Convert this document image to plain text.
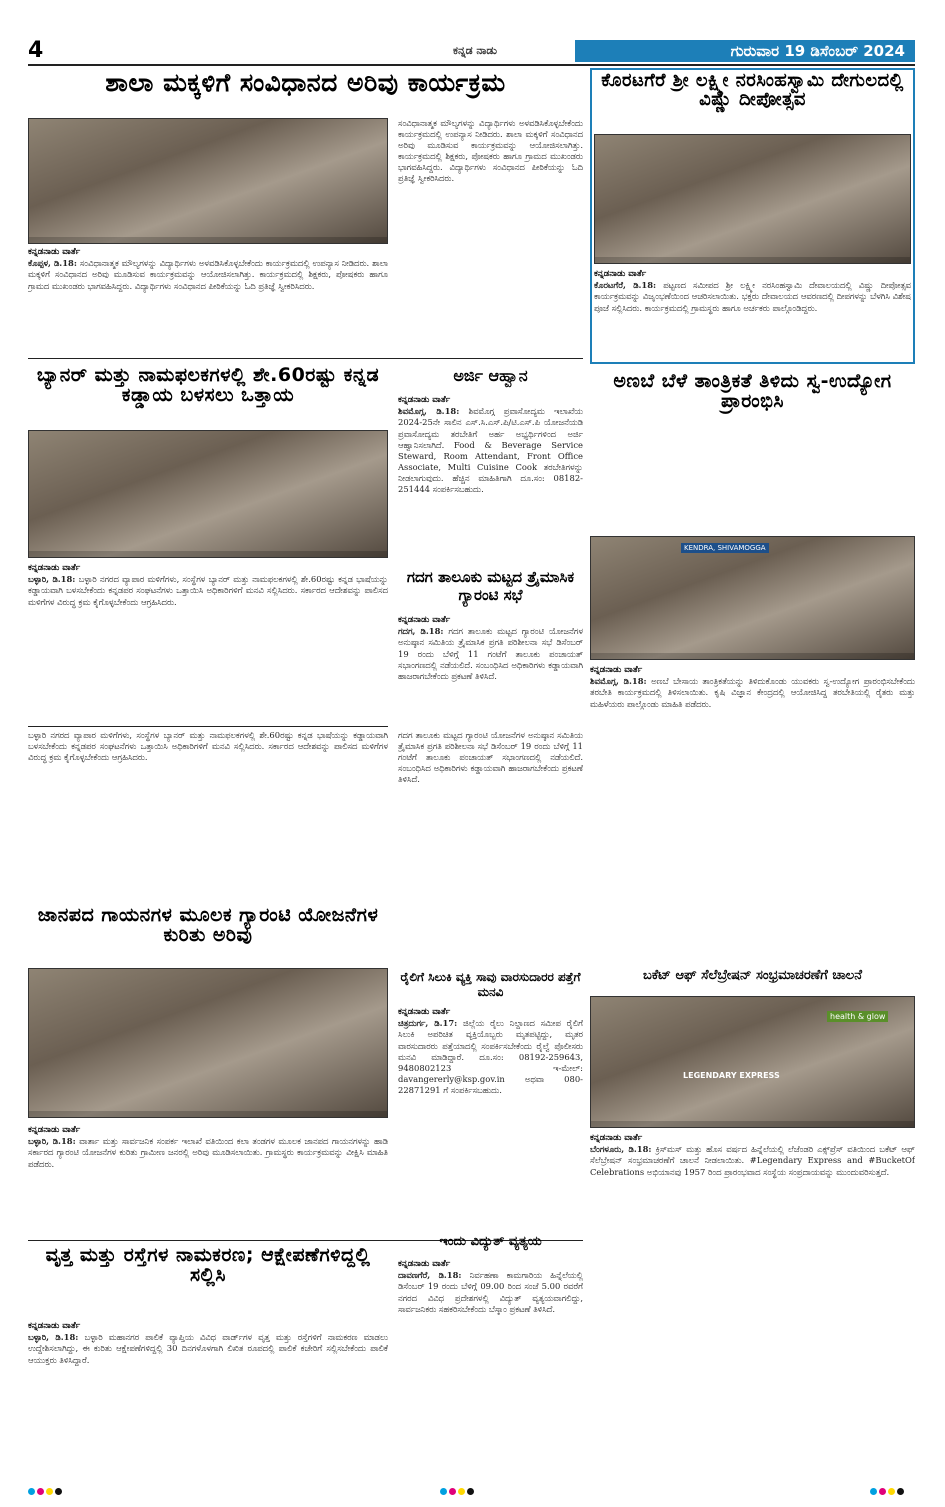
4	ಕನ್ನಡ ನಾಡು	ಗುರುವಾರ 19 ಡಿಸೆಂಬರ್ 2024
ಶಾಲಾ ಮಕ್ಕಳಿಗೆ ಸಂವಿಧಾನದ ಅರಿವು ಕಾರ್ಯಕ್ರಮ
ಕನ್ನಡನಾಡು ವಾರ್ತೆ
ಕೊಪ್ಪಳ, ಡಿ.18: ಸಂವಿಧಾನಾತ್ಮಕ ಮೌಲ್ಯಗಳನ್ನು ವಿದ್ಯಾರ್ಥಿಗಳು ಅಳವಡಿಸಿಕೊಳ್ಳಬೇಕೆಂದು ಕಾರ್ಯಕ್ರಮದಲ್ಲಿ ಉಪನ್ಯಾಸ ನೀಡಿದರು. ಶಾಲಾ ಮಕ್ಕಳಿಗೆ ಸಂವಿಧಾನದ ಅರಿವು ಮೂಡಿಸುವ ಕಾರ್ಯಕ್ರಮವನ್ನು ಆಯೋಜಿಸಲಾಗಿತ್ತು. ಕಾರ್ಯಕ್ರಮದಲ್ಲಿ ಶಿಕ್ಷಕರು, ಪೋಷಕರು ಹಾಗೂ ಗ್ರಾಮದ ಮುಖಂಡರು ಭಾಗವಹಿಸಿದ್ದರು. ವಿದ್ಯಾರ್ಥಿಗಳು ಸಂವಿಧಾನದ ಪೀಠಿಕೆಯನ್ನು ಓದಿ ಪ್ರತಿಜ್ಞೆ ಸ್ವೀಕರಿಸಿದರು.
ಕೊರಟಗೆರೆ ಶ್ರೀ ಲಕ್ಷ್ಮೀ ನರಸಿಂಹಸ್ವಾಮಿ ದೇಗುಲದಲ್ಲಿ ವಿಷ್ಣು ದೀಪೋತ್ಸವ
ಕನ್ನಡನಾಡು ವಾರ್ತೆ
ಕೊರಟಗೆರೆ, ಡಿ.18: ಪಟ್ಟಣದ ಸಮೀಪದ ಶ್ರೀ ಲಕ್ಷ್ಮೀ ನರಸಿಂಹಸ್ವಾಮಿ ದೇವಾಲಯದಲ್ಲಿ ವಿಷ್ಣು ದೀಪೋತ್ಸವ ಕಾರ್ಯಕ್ರಮವನ್ನು ವಿಜೃಂಭಣೆಯಿಂದ ಆಚರಿಸಲಾಯಿತು. ಭಕ್ತರು ದೇವಾಲಯದ ಆವರಣದಲ್ಲಿ ದೀಪಗಳನ್ನು ಬೆಳಗಿಸಿ ವಿಶೇಷ ಪೂಜೆ ಸಲ್ಲಿಸಿದರು. ಕಾರ್ಯಕ್ರಮದಲ್ಲಿ ಗ್ರಾಮಸ್ಥರು ಹಾಗೂ ಅರ್ಚಕರು ಪಾಲ್ಗೊಂಡಿದ್ದರು.
ಸಂವಿಧಾನಾತ್ಮಕ ಮೌಲ್ಯಗಳನ್ನು ವಿದ್ಯಾರ್ಥಿಗಳು ಅಳವಡಿಸಿಕೊಳ್ಳಬೇಕೆಂದು ಕಾರ್ಯಕ್ರಮದಲ್ಲಿ ಉಪನ್ಯಾಸ ನೀಡಿದರು. ಶಾಲಾ ಮಕ್ಕಳಿಗೆ ಸಂವಿಧಾನದ ಅರಿವು ಮೂಡಿಸುವ ಕಾರ್ಯಕ್ರಮವನ್ನು ಆಯೋಜಿಸಲಾಗಿತ್ತು. ಕಾರ್ಯಕ್ರಮದಲ್ಲಿ ಶಿಕ್ಷಕರು, ಪೋಷಕರು ಹಾಗೂ ಗ್ರಾಮದ ಮುಖಂಡರು ಭಾಗವಹಿಸಿದ್ದರು. ವಿದ್ಯಾರ್ಥಿಗಳು ಸಂವಿಧಾನದ ಪೀಠಿಕೆಯನ್ನು ಓದಿ ಪ್ರತಿಜ್ಞೆ ಸ್ವೀಕರಿಸಿದರು.
ಬ್ಯಾನರ್ ಮತ್ತು ನಾಮಫಲಕಗಳಲ್ಲಿ ಶೇ.60ರಷ್ಟು ಕನ್ನಡ ಕಡ್ಡಾಯ ಬಳಸಲು ಒತ್ತಾಯ
ಕನ್ನಡನಾಡು ವಾರ್ತೆ
ಬಳ್ಳಾರಿ, ಡಿ.18: ಬಳ್ಳಾರಿ ನಗರದ ವ್ಯಾಪಾರ ಮಳಿಗೆಗಳು, ಸಂಸ್ಥೆಗಳ ಬ್ಯಾನರ್ ಮತ್ತು ನಾಮಫಲಕಗಳಲ್ಲಿ ಶೇ.60ರಷ್ಟು ಕನ್ನಡ ಭಾಷೆಯನ್ನು ಕಡ್ಡಾಯವಾಗಿ ಬಳಸಬೇಕೆಂದು ಕನ್ನಡಪರ ಸಂಘಟನೆಗಳು ಒತ್ತಾಯಿಸಿ ಅಧಿಕಾರಿಗಳಿಗೆ ಮನವಿ ಸಲ್ಲಿಸಿದರು. ಸರ್ಕಾರದ ಆದೇಶವನ್ನು ಪಾಲಿಸದ ಮಳಿಗೆಗಳ ವಿರುದ್ಧ ಕ್ರಮ ಕೈಗೊಳ್ಳಬೇಕೆಂದು ಆಗ್ರಹಿಸಿದರು.
ಅರ್ಜಿ ಆಹ್ವಾನ
ಕನ್ನಡನಾಡು ವಾರ್ತೆ
ಶಿವಮೊಗ್ಗ, ಡಿ.18: ಶಿವಮೊಗ್ಗ ಪ್ರವಾಸೋದ್ಯಮ ಇಲಾಖೆಯ 2024-25ನೇ ಸಾಲಿನ ಎಸ್.ಸಿ.ಎಸ್.ಪಿ/ಟಿ.ಎಸ್.ಪಿ ಯೋಜನೆಯಡಿ ಪ್ರವಾಸೋದ್ಯಮ ತರಬೇತಿಗೆ ಅರ್ಹ ಅಭ್ಯರ್ಥಿಗಳಿಂದ ಅರ್ಜಿ ಆಹ್ವಾನಿಸಲಾಗಿದೆ. Food & Beverage Service Steward, Room Attendant, Front Office Associate, Multi Cuisine Cook ತರಬೇತಿಗಳನ್ನು ನೀಡಲಾಗುವುದು. ಹೆಚ್ಚಿನ ಮಾಹಿತಿಗಾಗಿ ದೂ.ಸಂ: 08182-251444 ಸಂಪರ್ಕಿಸಬಹುದು.
ಗದಗ ತಾಲೂಕು ಮಟ್ಟದ ತ್ರೈಮಾಸಿಕ ಗ್ಯಾರಂಟಿ ಸಭೆ
ಕನ್ನಡನಾಡು ವಾರ್ತೆ
ಗದಗ, ಡಿ.18: ಗದಗ ತಾಲೂಕು ಮಟ್ಟದ ಗ್ಯಾರಂಟಿ ಯೋಜನೆಗಳ ಅನುಷ್ಠಾನ ಸಮಿತಿಯ ತ್ರೈಮಾಸಿಕ ಪ್ರಗತಿ ಪರಿಶೀಲನಾ ಸಭೆ ಡಿಸೆಂಬರ್ 19 ರಂದು ಬೆಳಿಗ್ಗೆ 11 ಗಂಟೆಗೆ ತಾಲೂಕು ಪಂಚಾಯತ್ ಸಭಾಂಗಣದಲ್ಲಿ ನಡೆಯಲಿದೆ. ಸಂಬಂಧಿಸಿದ ಅಧಿಕಾರಿಗಳು ಕಡ್ಡಾಯವಾಗಿ ಹಾಜರಾಗಬೇಕೆಂದು ಪ್ರಕಟಣೆ ತಿಳಿಸಿದೆ.
ಅಣಬೆ ಬೆಳೆ ತಾಂತ್ರಿಕತೆ ತಿಳಿದು ಸ್ವ-ಉದ್ಯೋಗ ಪ್ರಾರಂಭಿಸಿ
KENDRA, SHIVAMOGGA
ಕನ್ನಡನಾಡು ವಾರ್ತೆ
ಶಿವಮೊಗ್ಗ, ಡಿ.18: ಅಣಬೆ ಬೇಸಾಯ ತಾಂತ್ರಿಕತೆಯನ್ನು ತಿಳಿದುಕೊಂಡು ಯುವಕರು ಸ್ವ-ಉದ್ಯೋಗ ಪ್ರಾರಂಭಿಸಬೇಕೆಂದು ತರಬೇತಿ ಕಾರ್ಯಕ್ರಮದಲ್ಲಿ ತಿಳಿಸಲಾಯಿತು. ಕೃಷಿ ವಿಜ್ಞಾನ ಕೇಂದ್ರದಲ್ಲಿ ಆಯೋಜಿಸಿದ್ದ ತರಬೇತಿಯಲ್ಲಿ ರೈತರು ಮತ್ತು ಮಹಿಳೆಯರು ಪಾಲ್ಗೊಂಡು ಮಾಹಿತಿ ಪಡೆದರು.
ಜಾನಪದ ಗಾಯನಗಳ ಮೂಲಕ ಗ್ಯಾರಂಟಿ ಯೋಜನೆಗಳ ಕುರಿತು ಅರಿವು
ಕನ್ನಡನಾಡು ವಾರ್ತೆ
ಬಳ್ಳಾರಿ, ಡಿ.18: ವಾರ್ತಾ ಮತ್ತು ಸಾರ್ವಜನಿಕ ಸಂಪರ್ಕ ಇಲಾಖೆ ವತಿಯಿಂದ ಕಲಾ ತಂಡಗಳ ಮೂಲಕ ಜಾನಪದ ಗಾಯನಗಳನ್ನು ಹಾಡಿ ಸರ್ಕಾರದ ಗ್ಯಾರಂಟಿ ಯೋಜನೆಗಳ ಕುರಿತು ಗ್ರಾಮೀಣ ಜನರಲ್ಲಿ ಅರಿವು ಮೂಡಿಸಲಾಯಿತು. ಗ್ರಾಮಸ್ಥರು ಕಾರ್ಯಕ್ರಮವನ್ನು ವೀಕ್ಷಿಸಿ ಮಾಹಿತಿ ಪಡೆದರು.
ಬಳ್ಳಾರಿ ನಗರದ ವ್ಯಾಪಾರ ಮಳಿಗೆಗಳು, ಸಂಸ್ಥೆಗಳ ಬ್ಯಾನರ್ ಮತ್ತು ನಾಮಫಲಕಗಳಲ್ಲಿ ಶೇ.60ರಷ್ಟು ಕನ್ನಡ ಭಾಷೆಯನ್ನು ಕಡ್ಡಾಯವಾಗಿ ಬಳಸಬೇಕೆಂದು ಕನ್ನಡಪರ ಸಂಘಟನೆಗಳು ಒತ್ತಾಯಿಸಿ ಅಧಿಕಾರಿಗಳಿಗೆ ಮನವಿ ಸಲ್ಲಿಸಿದರು. ಸರ್ಕಾರದ ಆದೇಶವನ್ನು ಪಾಲಿಸದ ಮಳಿಗೆಗಳ ವಿರುದ್ಧ ಕ್ರಮ ಕೈಗೊಳ್ಳಬೇಕೆಂದು ಆಗ್ರಹಿಸಿದರು.
ರೈಲಿಗೆ ಸಿಲುಕಿ ವ್ಯಕ್ತಿ ಸಾವು ವಾರಸುದಾರರ ಪತ್ತೆಗೆ ಮನವಿ
ಕನ್ನಡನಾಡು ವಾರ್ತೆ
ಚಿತ್ರದುರ್ಗ, ಡಿ.17: ಜಿಲ್ಲೆಯ ರೈಲು ನಿಲ್ದಾಣದ ಸಮೀಪ ರೈಲಿಗೆ ಸಿಲುಕಿ ಅಪರಿಚಿತ ವ್ಯಕ್ತಿಯೊಬ್ಬರು ಮೃತಪಟ್ಟಿದ್ದು, ಮೃತರ ವಾರಸುದಾರರು ಪತ್ತೆಯಾದಲ್ಲಿ ಸಂಪರ್ಕಿಸಬೇಕೆಂದು ರೈಲ್ವೆ ಪೊಲೀಸರು ಮನವಿ ಮಾಡಿದ್ದಾರೆ. ದೂ.ಸಂ: 08192-259643, 9480802123 ಇ-ಮೇಲ್: davangererly@ksp.gov.in ಅಥವಾ 080-22871291 ಗೆ ಸಂಪರ್ಕಿಸಬಹುದು.
ಗದಗ ತಾಲೂಕು ಮಟ್ಟದ ಗ್ಯಾರಂಟಿ ಯೋಜನೆಗಳ ಅನುಷ್ಠಾನ ಸಮಿತಿಯ ತ್ರೈಮಾಸಿಕ ಪ್ರಗತಿ ಪರಿಶೀಲನಾ ಸಭೆ ಡಿಸೆಂಬರ್ 19 ರಂದು ಬೆಳಿಗ್ಗೆ 11 ಗಂಟೆಗೆ ತಾಲೂಕು ಪಂಚಾಯತ್ ಸಭಾಂಗಣದಲ್ಲಿ ನಡೆಯಲಿದೆ. ಸಂಬಂಧಿಸಿದ ಅಧಿಕಾರಿಗಳು ಕಡ್ಡಾಯವಾಗಿ ಹಾಜರಾಗಬೇಕೆಂದು ಪ್ರಕಟಣೆ ತಿಳಿಸಿದೆ.
ಇಂದು ವಿದ್ಯುತ್ ವ್ಯತ್ಯಯ
ಕನ್ನಡನಾಡು ವಾರ್ತೆ
ದಾವಣಗೆರೆ, ಡಿ.18: ನಿರ್ವಹಣಾ ಕಾಮಗಾರಿಯ ಹಿನ್ನೆಲೆಯಲ್ಲಿ ಡಿಸೆಂಬರ್ 19 ರಂದು ಬೆಳಿಗ್ಗೆ 09.00 ರಿಂದ ಸಂಜೆ 5.00 ರವರೆಗೆ ನಗರದ ವಿವಿಧ ಪ್ರದೇಶಗಳಲ್ಲಿ ವಿದ್ಯುತ್ ವ್ಯತ್ಯಯವಾಗಲಿದ್ದು, ಸಾರ್ವಜನಿಕರು ಸಹಕರಿಸಬೇಕೆಂದು ಬೆಸ್ಕಾಂ ಪ್ರಕಟಣೆ ತಿಳಿಸಿದೆ.
ಬಕೆಟ್ ಆಫ್ ಸೆಲೆಬ್ರೇಷನ್ ಸಂಭ್ರಮಾಚರಣೆಗೆ ಚಾಲನೆ
LEGENDARY EXPRESS
health & glow
ಕನ್ನಡನಾಡು ವಾರ್ತೆ
ಬೆಂಗಳೂರು, ಡಿ.18: ಕ್ರಿಸ್‌ಮಸ್ ಮತ್ತು ಹೊಸ ವರ್ಷದ ಹಿನ್ನೆಲೆಯಲ್ಲಿ ಲೆಜೆಂಡರಿ ಎಕ್ಸ್‌ಪ್ರೆಸ್ ವತಿಯಿಂದ ಬಕೆಟ್ ಆಫ್ ಸೆಲೆಬ್ರೇಷನ್ ಸಂಭ್ರಮಾಚರಣೆಗೆ ಚಾಲನೆ ನೀಡಲಾಯಿತು. #Legendary Express and #BucketOf Celebrations ಅಭಿಯಾನವು 1957 ರಿಂದ ಪ್ರಾರಂಭವಾದ ಸಂಸ್ಥೆಯ ಸಂಪ್ರದಾಯವನ್ನು ಮುಂದುವರಿಸುತ್ತದೆ.
ವೃತ್ತ ಮತ್ತು ರಸ್ತೆಗಳ ನಾಮಕರಣ; ಆಕ್ಷೇಪಣೆಗಳಿದ್ದಲ್ಲಿ ಸಲ್ಲಿಸಿ
ಕನ್ನಡನಾಡು ವಾರ್ತೆ
ಬಳ್ಳಾರಿ, ಡಿ.18: ಬಳ್ಳಾರಿ ಮಹಾನಗರ ಪಾಲಿಕೆ ವ್ಯಾಪ್ತಿಯ ವಿವಿಧ ವಾರ್ಡ್‌ಗಳ ವೃತ್ತ ಮತ್ತು ರಸ್ತೆಗಳಿಗೆ ನಾಮಕರಣ ಮಾಡಲು ಉದ್ದೇಶಿಸಲಾಗಿದ್ದು, ಈ ಕುರಿತು ಆಕ್ಷೇಪಣೆಗಳಿದ್ದಲ್ಲಿ 30 ದಿನಗಳೊಳಗಾಗಿ ಲಿಖಿತ ರೂಪದಲ್ಲಿ ಪಾಲಿಕೆ ಕಚೇರಿಗೆ ಸಲ್ಲಿಸಬೇಕೆಂದು ಪಾಲಿಕೆ ಆಯುಕ್ತರು ತಿಳಿಸಿದ್ದಾರೆ.
